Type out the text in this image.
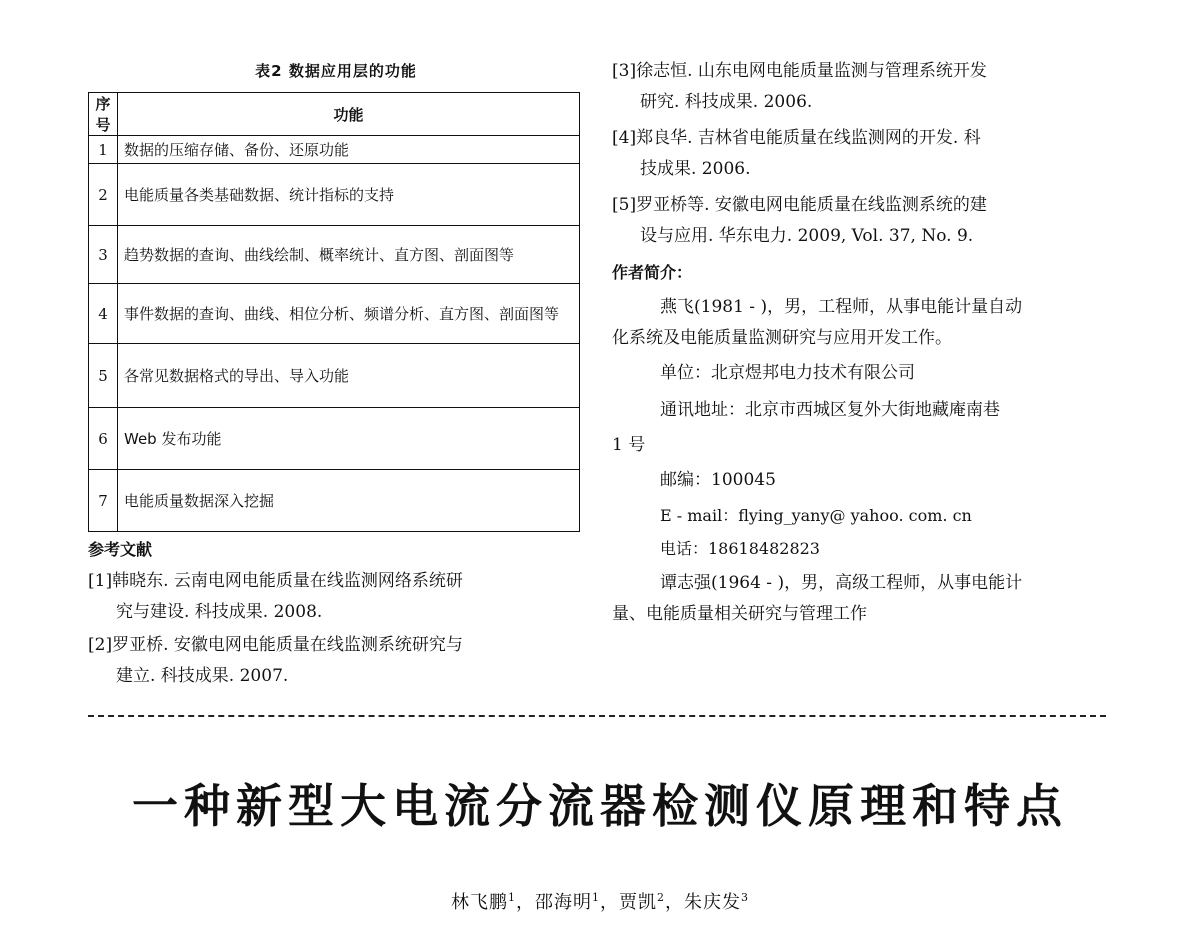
表2 数据应用层的功能
序号	功能
1	数据的压缩存储、备份、还原功能
2	电能质量各类基础数据、统计指标的支持
3	趋势数据的查询、曲线绘制、概率统计、直方图、剖面图等
4	事件数据的查询、曲线、相位分析、频谱分析、直方图、剖面图等
5	各常见数据格式的导出、导入功能
6	Web 发布功能
7	电能质量数据深入挖掘
参考文献
[1]韩晓东. 云南电网电能质量在线监测网络系统研
究与建设. 科技成果. 2008.
[2]罗亚桥. 安徽电网电能质量在线监测系统研究与
建立. 科技成果. 2007.
[3]徐志恒. 山东电网电能质量监测与管理系统开发
研究. 科技成果. 2006.
[4]郑良华. 吉林省电能质量在线监测网的开发. 科
技成果. 2006.
[5]罗亚桥等. 安徽电网电能质量在线监测系统的建
设与应用. 华东电力. 2009, Vol. 37, No. 9.
作者简介：
燕飞(1981 - )，男，工程师，从事电能计量自动
化系统及电能质量监测研究与应用开发工作。
单位：北京煜邦电力技术有限公司
通讯地址：北京市西城区复外大街地藏庵南巷
1 号
邮编：100045
E - mail：flying_yany@ yahoo. com. cn
电话：18618482823
谭志强(1964 - )，男，高级工程师，从事电能计
量、电能质量相关研究与管理工作
一种新型大电流分流器检测仪原理和特点
林飞鹏$^1$，邵海明$^1$，贾凯$^2$，朱庆发$^3$
